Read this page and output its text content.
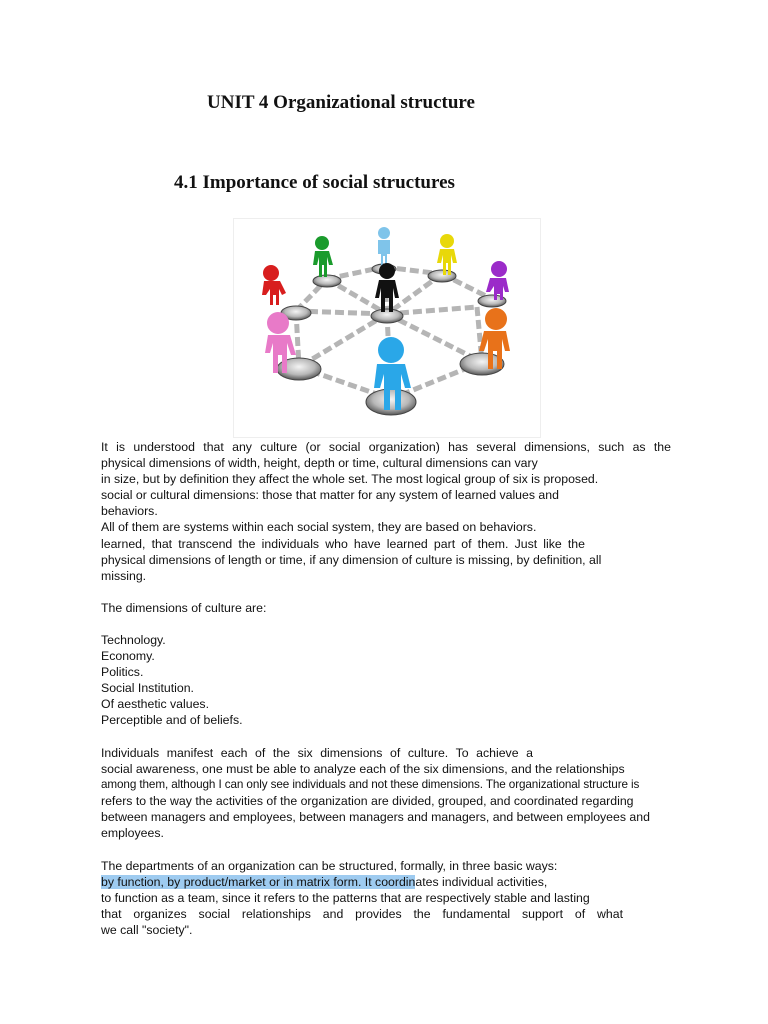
UNIT 4 Organizational structure
4.1 Importance of social structures
It is understood that any culture (or social organization) has several dimensions, such as the
physical dimensions of width, height, depth or time, cultural dimensions can vary
in size, but by definition they affect the whole set. The most logical group of six is proposed.
social or cultural dimensions: those that matter for any system of learned values and
behaviors.
All of them are systems within each social system, they are based on behaviors.
learned, that transcend the individuals who have learned part of them. Just like the
physical dimensions of length or time, if any dimension of culture is missing, by definition, all
missing.
The dimensions of culture are:
Technology.
Economy.
Politics.
Social Institution.
Of aesthetic values.
Perceptible and of beliefs.
Individuals manifest each of the six dimensions of culture. To achieve a
social awareness, one must be able to analyze each of the six dimensions, and the relationships
among them, although I can only see individuals and not these dimensions. The organizational structure is
refers to the way the activities of the organization are divided, grouped, and coordinated regarding
between managers and employees, between managers and managers, and between employees and
employees.
The departments of an organization can be structured, formally, in three basic ways:
by function, by product/market or in matrix form. It coordinates individual activities,
to function as a team, since it refers to the patterns that are respectively stable and lasting
that organizes social relationships and provides the fundamental support of what
we call "society".
